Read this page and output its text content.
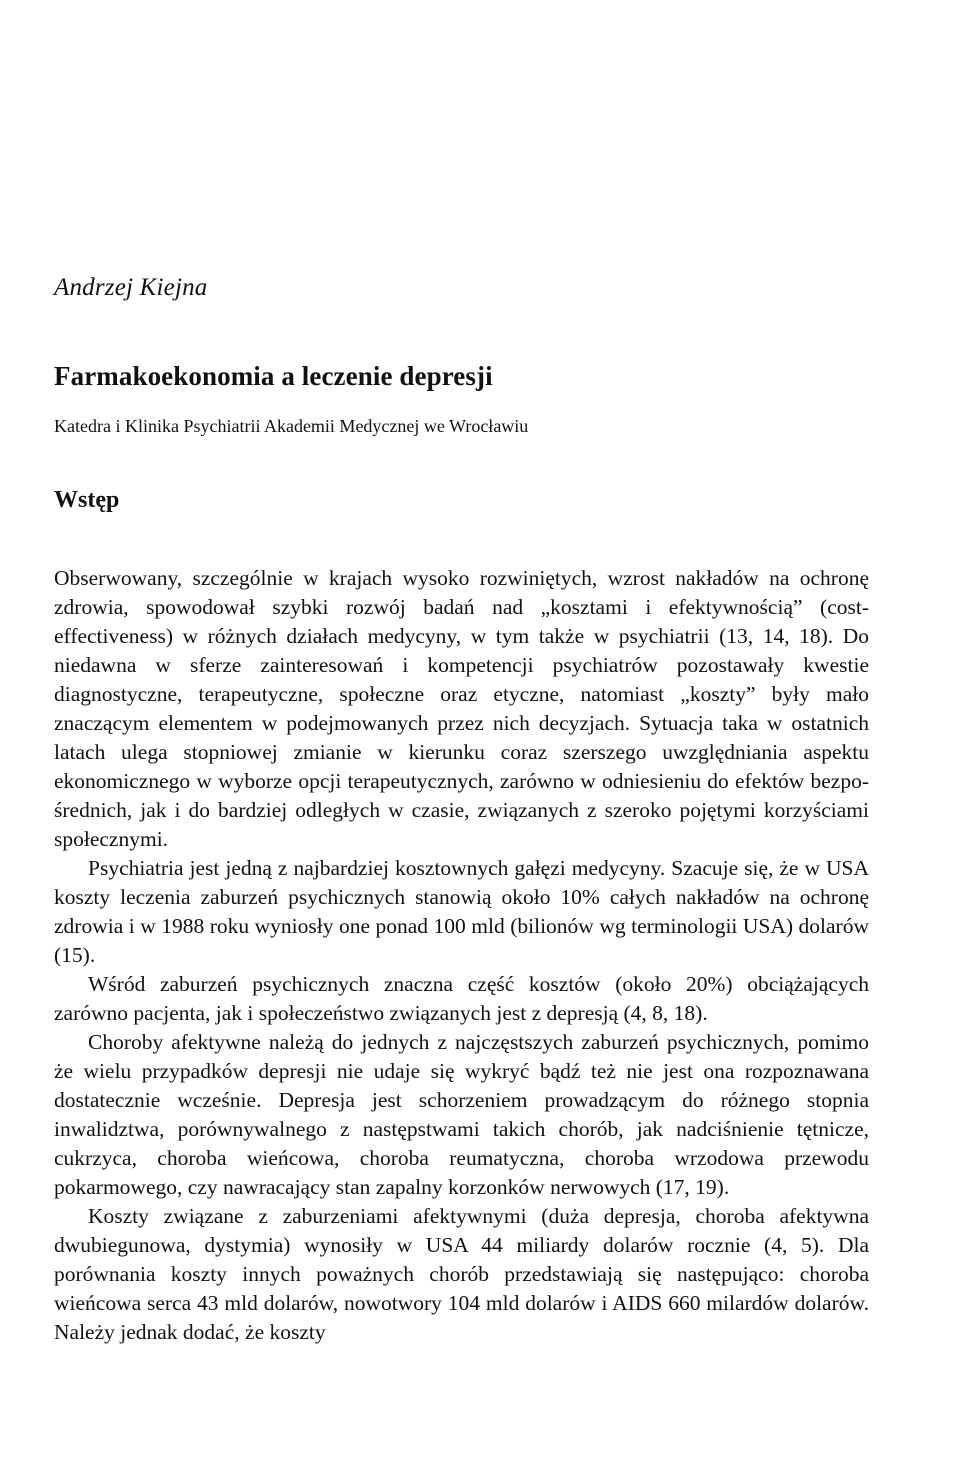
Andrzej Kiejna
Farmakoekonomia a leczenie depresji
Katedra i Klinika Psychiatrii Akademii Medycznej we Wrocławiu
Wstęp

Obserwowany, szczególnie w krajach wysoko rozwiniętych, wzrost nakładów na ochronę zdrowia, spowodował szybki rozwój badań nad „kosztami i efektywnością” (cost-effectiveness) w różnych działach medycyny, w tym także w psychiatrii (13, 14, 18). Do niedawna w sferze zainteresowań i kompetencji psychiatrów pozostawały kwestie diagnostyczne, terapeutyczne, społeczne oraz etyczne, natomiast „koszty” były mało znaczącym elementem w podejmowanych przez nich decyzjach. Sytuacja taka w ostatnich latach ulega stopniowej zmianie w kierunku coraz szerszego uwzględniania aspektu ekonomicznego w wyborze opcji terapeutycznych, zarówno w odniesieniu do efektów bezpośrednich, jak i do bardziej odległych w czasie, związanych z szeroko pojętymi korzyściami społecznymi.

Psychiatria jest jedną z najbardziej kosztownych gałęzi medycyny. Szacuje się, że w USA koszty leczenia zaburzeń psychicznych stanowią około 10% całych nakładów na ochronę zdrowia i w 1988 roku wyniosły one ponad 100 mld (bilionów wg terminologii USA) dolarów (15).

Wśród zaburzeń psychicznych znaczna część kosztów (około 20%) obciążających zarówno pacjenta, jak i społeczeństwo związanych jest z depresją (4, 8, 18).

Choroby afektywne należą do jednych z najczęstszych zaburzeń psychicznych, pomimo że wielu przypadków depresji nie udaje się wykryć bądź też nie jest ona rozpoznawana dostatecznie wcześnie. Depresja jest schorzeniem prowadzącym do różnego stopnia inwalidztwa, porównywalnego z następstwami takich chorób, jak nadciśnienie tętnicze, cukrzyca, choroba wieńcowa, choroba reumatyczna, choroba wrzodowa przewodu pokarmowego, czy nawracający stan zapalny korzonków nerwowych (17, 19).

Koszty związane z zaburzeniami afektywnymi (duża depresja, choroba afektywna dwubiegunowa, dystymia) wynosiły w USA 44 miliardy dolarów rocznie (4, 5). Dla porównania koszty innych poważnych chorób przedstawiają się następująco: choroba wieńcowa serca 43 mld dolarów, nowotwory 104 mld dolarów i AIDS 660 milardów dolarów. Należy jednak dodać, że koszty
